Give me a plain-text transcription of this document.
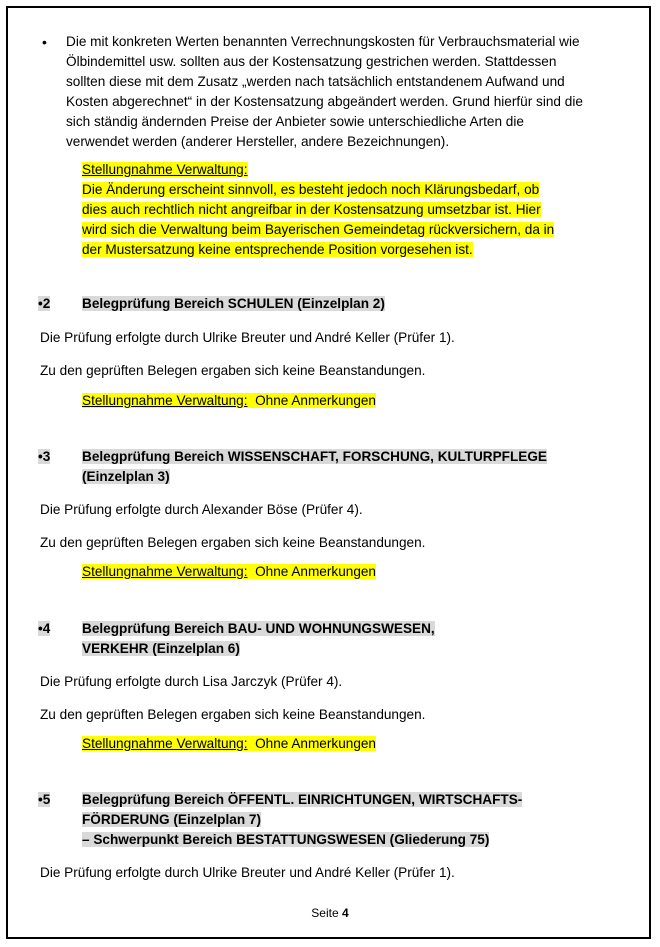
• Die mit konkreten Werten benannten Verrechnungskosten für Verbrauchsmaterial wie
Ölbindemittel usw. sollten aus der Kostensatzung gestrichen werden. Stattdessen
sollten diese mit dem Zusatz „werden nach tatsächlich entstandenem Aufwand und
Kosten abgerechnet“ in der Kostensatzung abgeändert werden. Grund hierfür sind die
sich ständig ändernden Preise der Anbieter sowie unterschiedliche Arten die
verwendet werden (anderer Hersteller, andere Bezeichnungen).
Stellungnahme Verwaltung:
Die Änderung erscheint sinnvoll, es besteht jedoch noch Klärungsbedarf, ob
dies auch rechtlich nicht angreifbar in der Kostensatzung umsetzbar ist. Hier
wird sich die Verwaltung beim Bayerischen Gemeindetag rückversichern, da in
der Mustersatzung keine entsprechende Position vorgesehen ist.
•2 Belegprüfung Bereich SCHULEN (Einzelplan 2)
Die Prüfung erfolgte durch Ulrike Breuter und André Keller (Prüfer 1).
Zu den geprüften Belegen ergaben sich keine Beanstandungen.
Stellungnahme Verwaltung: Ohne Anmerkungen
•3 Belegprüfung Bereich WISSENSCHAFT, FORSCHUNG, KULTURPFLEGE
(Einzelplan 3)
Die Prüfung erfolgte durch Alexander Böse (Prüfer 4).
Zu den geprüften Belegen ergaben sich keine Beanstandungen.
Stellungnahme Verwaltung: Ohne Anmerkungen
•4 Belegprüfung Bereich BAU- UND WOHNUNGSWESEN,
VERKEHR (Einzelplan 6)
Die Prüfung erfolgte durch Lisa Jarczyk (Prüfer 4).
Zu den geprüften Belegen ergaben sich keine Beanstandungen.
Stellungnahme Verwaltung: Ohne Anmerkungen
•5 Belegprüfung Bereich ÖFFENTL. EINRICHTUNGEN, WIRTSCHAFTS-
FÖRDERUNG (Einzelplan 7)
– Schwerpunkt Bereich BESTATTUNGSWESEN (Gliederung 75)
Die Prüfung erfolgte durch Ulrike Breuter und André Keller (Prüfer 1).
Seite 4
